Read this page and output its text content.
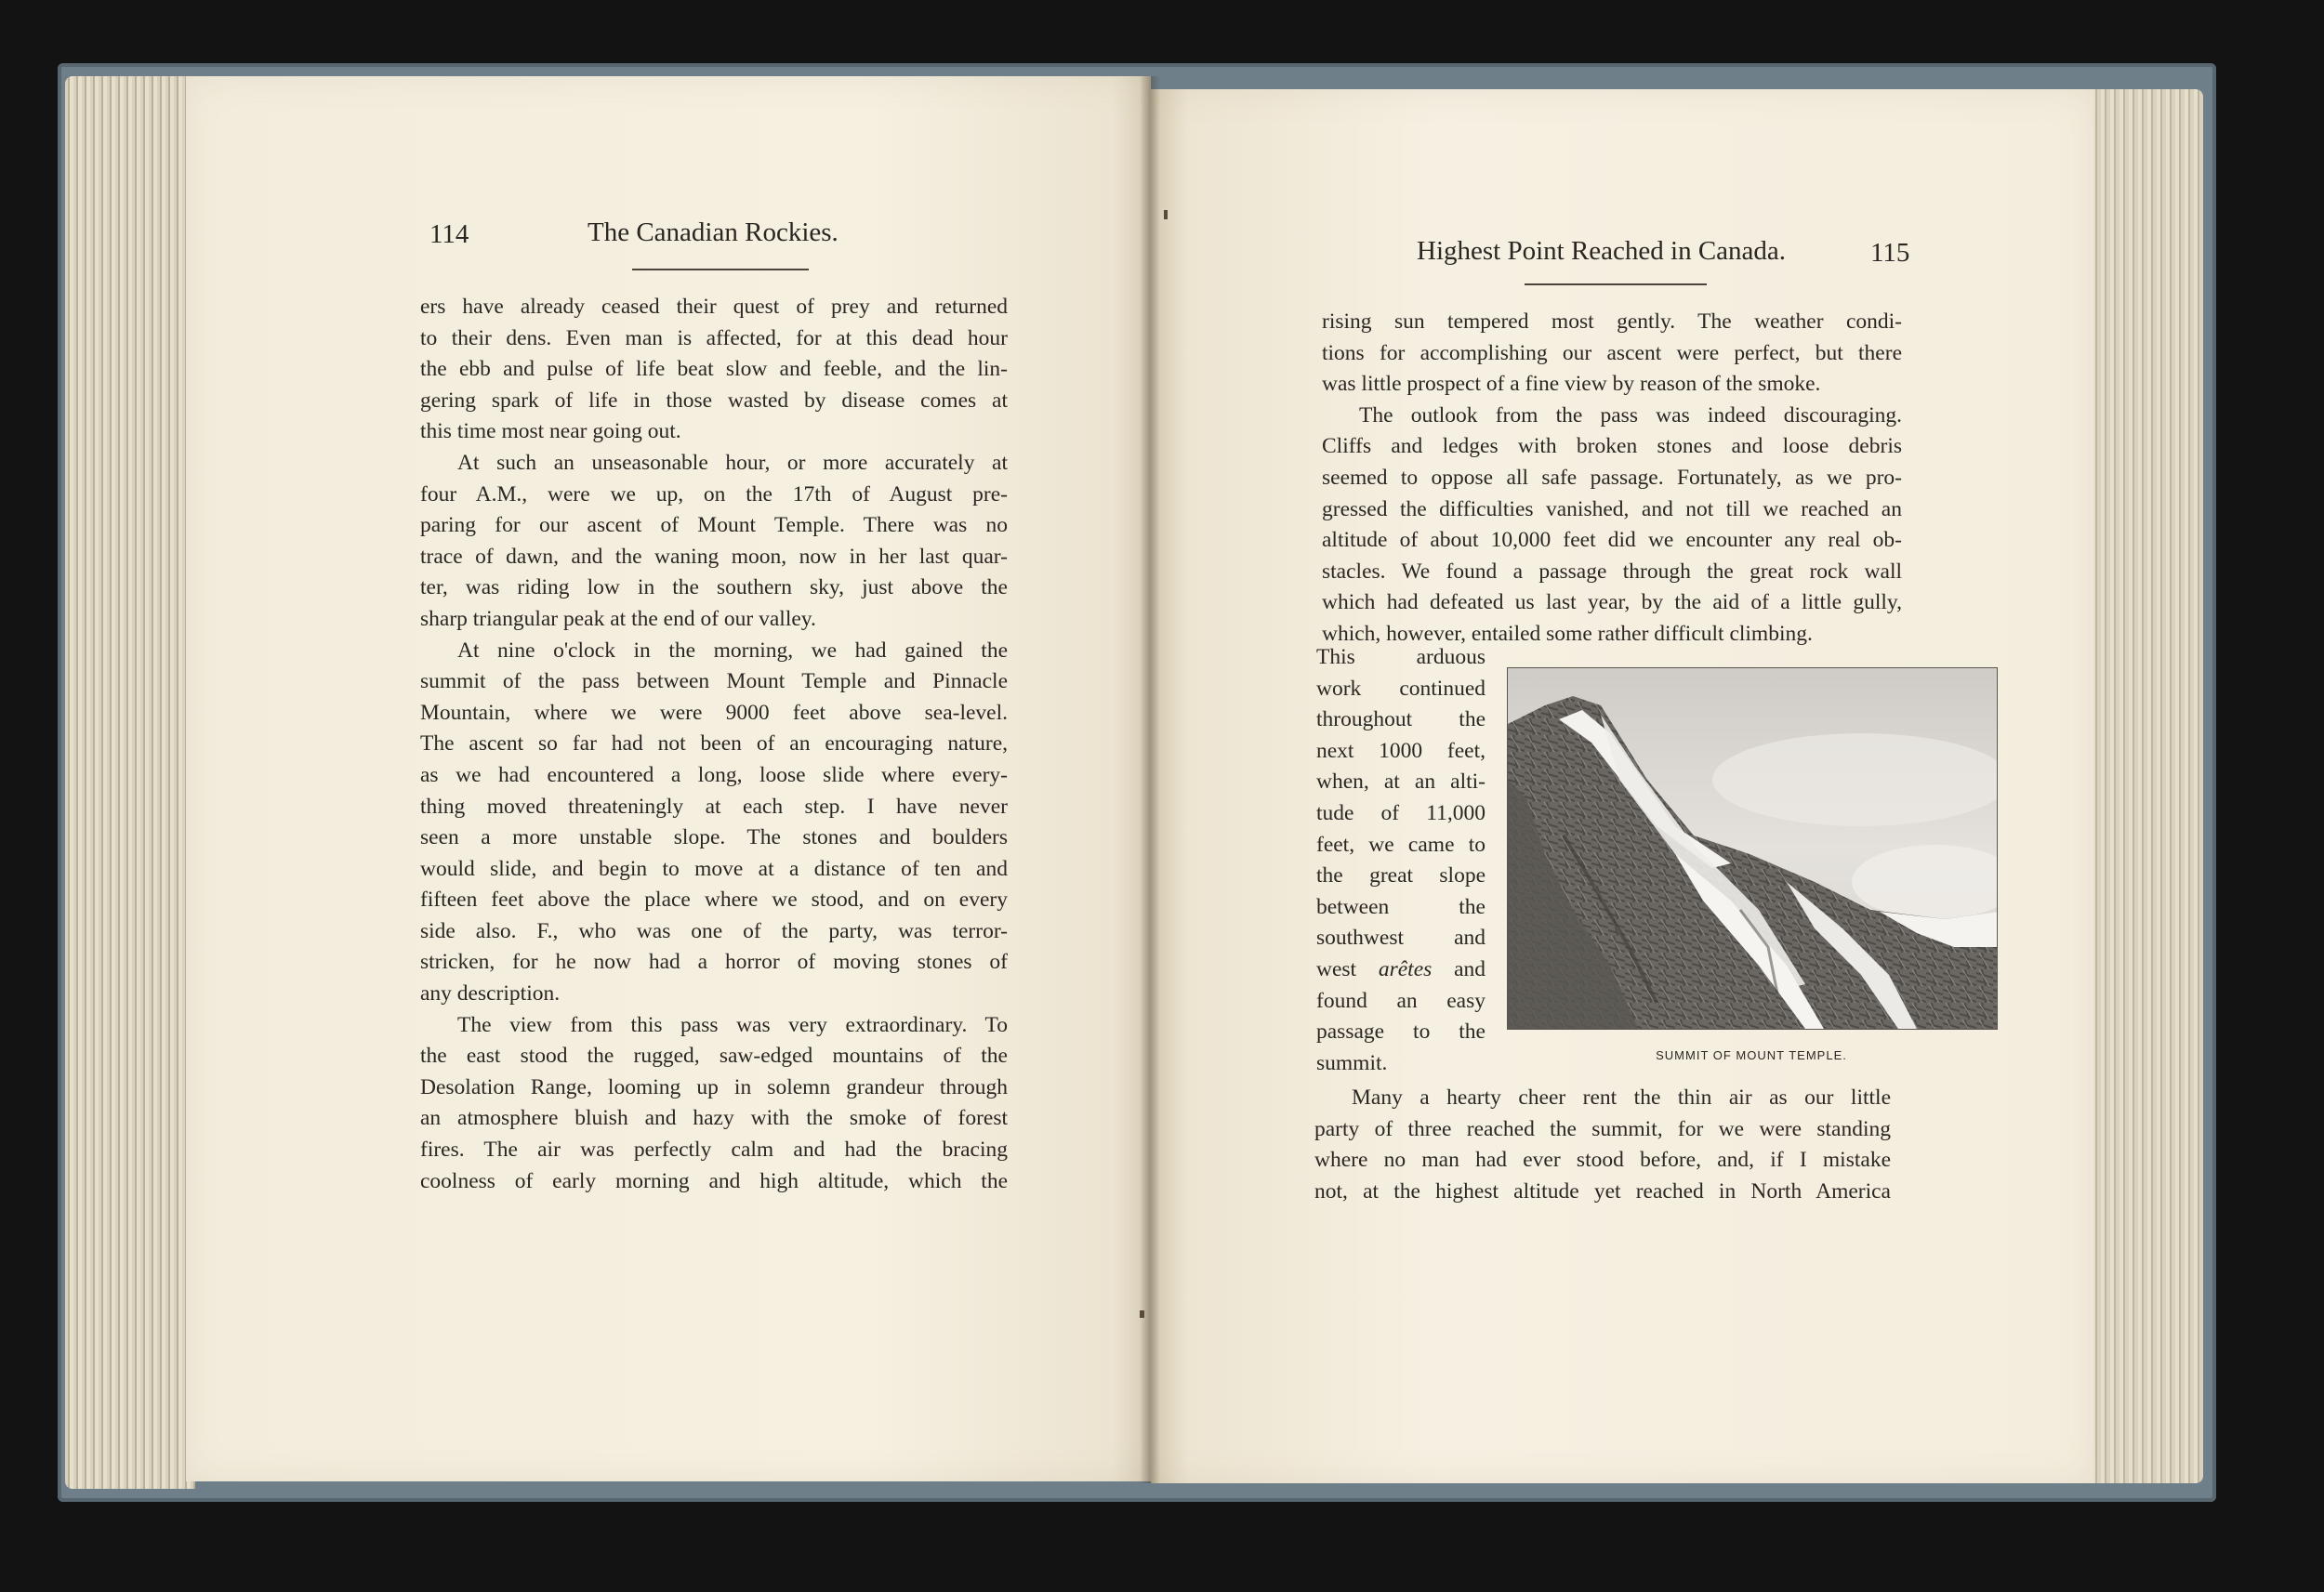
114	The Canadian Rockies.
ers have already ceased their quest of prey and returned
to their dens. Even man is affected, for at this dead hour
the ebb and pulse of life beat slow and feeble, and the lin-
gering spark of life in those wasted by disease comes at
this time most near going out.
At such an unseasonable hour, or more accurately at
four A.M., were we up, on the 17th of August pre-
paring for our ascent of Mount Temple. There was no
trace of dawn, and the waning moon, now in her last quar-
ter, was riding low in the southern sky, just above the
sharp triangular peak at the end of our valley.
At nine o'clock in the morning, we had gained the
summit of the pass between Mount Temple and Pinnacle
Mountain, where we were 9000 feet above sea-level.
The ascent so far had not been of an encouraging nature,
as we had encountered a long, loose slide where every-
thing moved threateningly at each step. I have never
seen a more unstable slope. The stones and boulders
would slide, and begin to move at a distance of ten and
fifteen feet above the place where we stood, and on every
side also. F., who was one of the party, was terror-
stricken, for he now had a horror of moving stones of
any description.
The view from this pass was very extraordinary. To
the east stood the rugged, saw-edged mountains of the
Desolation Range, looming up in solemn grandeur through
an atmosphere bluish and hazy with the smoke of forest
fires. The air was perfectly calm and had the bracing
coolness of early morning and high altitude, which the
Highest Point Reached in Canada.	115
rising sun tempered most gently. The weather condi-
tions for accomplishing our ascent were perfect, but there
was little prospect of a fine view by reason of the smoke.
The outlook from the pass was indeed discouraging.
Cliffs and ledges with broken stones and loose debris
seemed to oppose all safe passage. Fortunately, as we pro-
gressed the difficulties vanished, and not till we reached an
altitude of about 10,000 feet did we encounter any real ob-
stacles. We found a passage through the great rock wall
which had defeated us last year, by the aid of a little gully,
which, however, entailed some rather difficult climbing.
This arduous
work continued
throughout the
next 1000 feet,
when, at an alti-
tude of 11,000
feet, we came to
the great slope
between the
southwest and
west arêtes and
found an easy
passage to the
summit.
Many a hearty cheer rent the thin air as our little
party of three reached the summit, for we were standing
where no man had ever stood before, and, if I mistake
not, at the highest altitude yet reached in North America
SUMMIT OF MOUNT TEMPLE.
